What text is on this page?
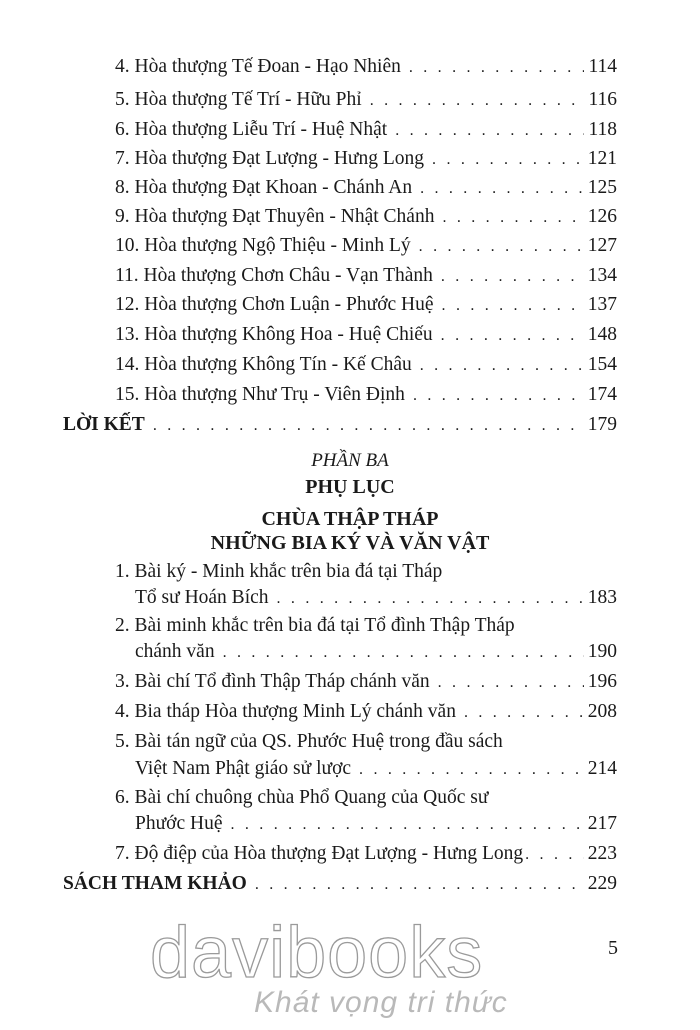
4. Hòa thượng Tế Đoan - Hạo Nhiên . . .	114
5. Hòa thượng Tế Trí - Hữu Phỉ . . .	116
6. Hòa thượng Liễu Trí - Huệ Nhật . . .	118
7. Hòa thượng Đạt Lượng - Hưng Long . . .	121
8. Hòa thượng Đạt Khoan - Chánh An . . .	125
9. Hòa thượng Đạt Thuyên - Nhật Chánh . . .	126
10. Hòa thượng Ngộ Thiệu - Minh Lý . . .	127
11. Hòa thượng Chơn Châu - Vạn Thành . . .	134
12. Hòa thượng Chơn Luận - Phước Huệ . . .	137
13. Hòa thượng Không Hoa - Huệ Chiếu . . .	148
14. Hòa thượng Không Tín - Kế Châu . . .	154
15. Hòa thượng Như Trụ - Viên Định . . .	174
LỜI KẾT . . .	179
PHẦN BA
PHỤ LỤC
CHÙA THẬP THÁP
NHỮNG BIA KÝ VÀ VĂN VẬT
1. Bài ký - Minh khắc trên bia đá tại Tháp
Tổ sư Hoán Bích . . .	183
2. Bài minh khắc trên bia đá tại Tổ đình Thập Tháp
chánh văn . . .	190
3. Bài chí Tổ đình Thập Tháp chánh văn . . .	196
4. Bia tháp Hòa thượng Minh Lý chánh văn . . .	208
5. Bài tán ngữ của QS. Phước Huệ trong đầu sách
Việt Nam Phật giáo sử lược . . .	214
6. Bài chí chuông chùa Phổ Quang của Quốc sư
Phước Huệ . . .	217
7. Độ điệp của Hòa thượng Đạt Lượng - Hưng Long . . .	223
SÁCH THAM KHẢO . . .	229
davibooks
Khát vọng tri thức
5
